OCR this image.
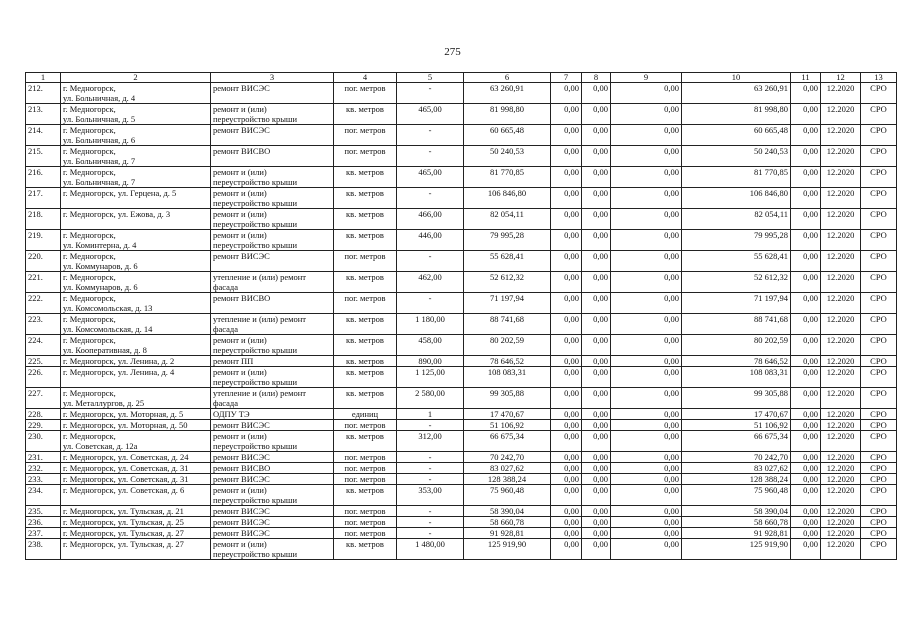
275
1	2	3	4	5	6	7	8	9	10	11	12	13
212.	г. Медногорск,
ул. Больничная, д. 4	ремонт ВИСЭС	пог. метров	-	63 260,91	0,00	0,00	0,00	63 260,91	0,00	12.2020	СРО
213.	г. Медногорск,
ул. Больничная, д. 5	ремонт и (или)
переустройство крыши	кв. метров	465,00	81 998,80	0,00	0,00	0,00	81 998,80	0,00	12.2020	СРО
214.	г. Медногорск,
ул. Больничная, д. 6	ремонт ВИСЭС	пог. метров	-	60 665,48	0,00	0,00	0,00	60 665,48	0,00	12.2020	СРО
215.	г. Медногорск,
ул. Больничная, д. 7	ремонт ВИСВО	пог. метров	-	50 240,53	0,00	0,00	0,00	50 240,53	0,00	12.2020	СРО
216.	г. Медногорск,
ул. Больничная, д. 7	ремонт и (или)
переустройство крыши	кв. метров	465,00	81 770,85	0,00	0,00	0,00	81 770,85	0,00	12.2020	СРО
217.	г. Медногорск, ул. Герцена, д. 5	ремонт и (или)
переустройство крыши	кв. метров	-	106 846,80	0,00	0,00	0,00	106 846,80	0,00	12.2020	СРО
218.	г. Медногорск, ул. Ежова, д. 3	ремонт и (или)
переустройство крыши	кв. метров	466,00	82 054,11	0,00	0,00	0,00	82 054,11	0,00	12.2020	СРО
219.	г. Медногорск,
ул. Коминтерна, д. 4	ремонт и (или)
переустройство крыши	кв. метров	446,00	79 995,28	0,00	0,00	0,00	79 995,28	0,00	12.2020	СРО
220.	г. Медногорск,
ул. Коммунаров, д. 6	ремонт ВИСЭС	пог. метров	-	55 628,41	0,00	0,00	0,00	55 628,41	0,00	12.2020	СРО
221.	г. Медногорск,
ул. Коммунаров, д. 6	утепление и (или) ремонт
фасада	кв. метров	462,00	52 612,32	0,00	0,00	0,00	52 612,32	0,00	12.2020	СРО
222.	г. Медногорск,
ул. Комсомольская, д. 13	ремонт ВИСВО	пог. метров	-	71 197,94	0,00	0,00	0,00	71 197,94	0,00	12.2020	СРО
223.	г. Медногорск,
ул. Комсомольская, д. 14	утепление и (или) ремонт
фасада	кв. метров	1 180,00	88 741,68	0,00	0,00	0,00	88 741,68	0,00	12.2020	СРО
224.	г. Медногорск,
ул. Кооперативная, д. 8	ремонт и (или)
переустройство крыши	кв. метров	458,00	80 202,59	0,00	0,00	0,00	80 202,59	0,00	12.2020	СРО
225.	г. Медногорск, ул. Ленина, д. 2	ремонт ПП	кв. метров	890,00	78 646,52	0,00	0,00	0,00	78 646,52	0,00	12.2020	СРО
226.	г. Медногорск, ул. Ленина, д. 4	ремонт и (или)
переустройство крыши	кв. метров	1 125,00	108 083,31	0,00	0,00	0,00	108 083,31	0,00	12.2020	СРО
227.	г. Медногорск,
ул. Металлургов, д. 25	утепление и (или) ремонт
фасада	кв. метров	2 580,00	99 305,88	0,00	0,00	0,00	99 305,88	0,00	12.2020	СРО
228.	г. Медногорск, ул. Моторная, д. 5	ОДПУ ТЭ	единиц	1	17 470,67	0,00	0,00	0,00	17 470,67	0,00	12.2020	СРО
229.	г. Медногорск, ул. Моторная, д. 50	ремонт ВИСЭС	пог. метров	-	51 106,92	0,00	0,00	0,00	51 106,92	0,00	12.2020	СРО
230.	г. Медногорск,
ул. Советская, д. 12а	ремонт и (или)
переустройство крыши	кв. метров	312,00	66 675,34	0,00	0,00	0,00	66 675,34	0,00	12.2020	СРО
231.	г. Медногорск, ул. Советская, д. 24	ремонт ВИСЭС	пог. метров	-	70 242,70	0,00	0,00	0,00	70 242,70	0,00	12.2020	СРО
232.	г. Медногорск, ул. Советская, д. 31	ремонт ВИСВО	пог. метров	-	83 027,62	0,00	0,00	0,00	83 027,62	0,00	12.2020	СРО
233.	г. Медногорск, ул. Советская, д. 31	ремонт ВИСЭС	пог. метров	-	128 388,24	0,00	0,00	0,00	128 388,24	0,00	12.2020	СРО
234.	г. Медногорск, ул. Советская, д. 6	ремонт и (или)
переустройство крыши	кв. метров	353,00	75 960,48	0,00	0,00	0,00	75 960,48	0,00	12.2020	СРО
235.	г. Медногорск, ул. Тульская, д. 21	ремонт ВИСЭС	пог. метров	-	58 390,04	0,00	0,00	0,00	58 390,04	0,00	12.2020	СРО
236.	г. Медногорск, ул. Тульская, д. 25	ремонт ВИСЭС	пог. метров	-	58 660,78	0,00	0,00	0,00	58 660,78	0,00	12.2020	СРО
237.	г. Медногорск, ул. Тульская, д. 27	ремонт ВИСЭС	пог. метров	-	91 928,81	0,00	0,00	0,00	91 928,81	0,00	12.2020	СРО
238.	г. Медногорск, ул. Тульская, д. 27	ремонт и (или)
переустройство крыши	кв. метров	1 480,00	125 919,90	0,00	0,00	0,00	125 919,90	0,00	12.2020	СРО
